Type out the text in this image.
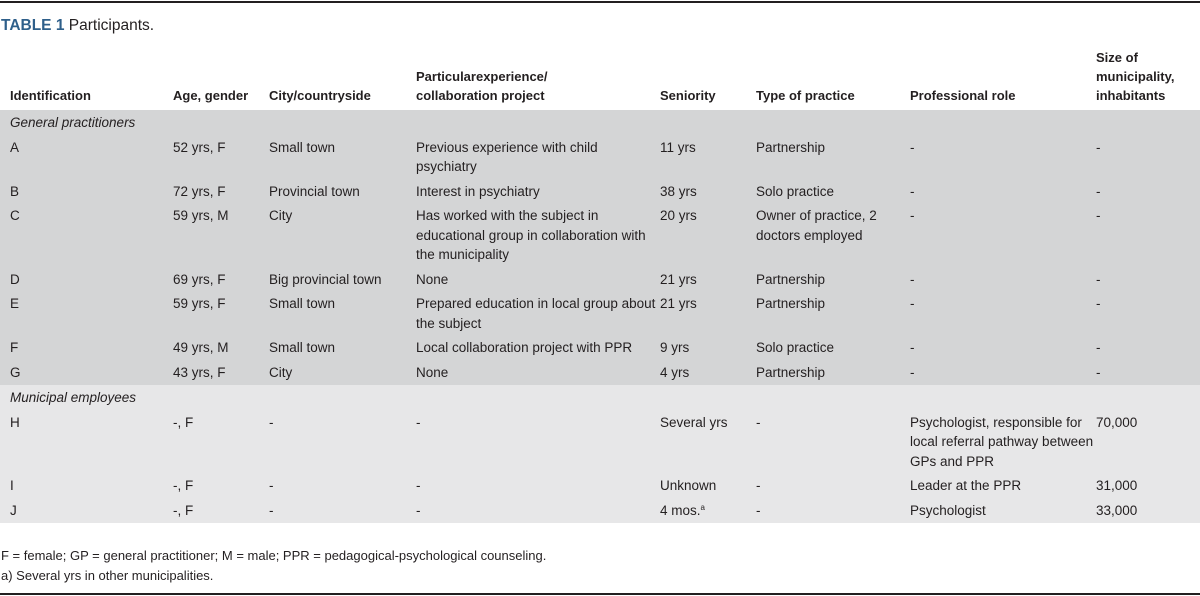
TABLE 1 Participants.
Identification	Age, gender	City/countryside	Particularexperience/
collaboration project	Seniority	Type of practice	Professional role	Size of
municipality,
inhabitants
General practitioners							
A	52 yrs, F	Small town	Previous experience with child psychiatry	11 yrs	Partnership	-	-
B	72 yrs, F	Provincial town	Interest in psychiatry	38 yrs	Solo practice	-	-
C	59 yrs, M	City	Has worked with the subject in educational group in collaboration with the municipality	20 yrs	Owner of practice, 2 doctors employed	-	-
D	69 yrs, F	Big provincial town	None	21 yrs	Partnership	-	-
E	59 yrs, F	Small town	Prepared education in local group about the subject	21 yrs	Partnership	-	-
F	49 yrs, M	Small town	Local collaboration project with PPR	9 yrs	Solo practice	-	-
G	43 yrs, F	City	None	4 yrs	Partnership	-	-
Municipal employees							
H	-, F	-	-	Several yrs	-	Psychologist, responsible for local referral pathway between GPs and PPR	70,000
I	-, F	-	-	Unknown	-	Leader at the PPR	31,000
J	-, F	-	-	4 mos.$^a$	-	Psychologist	33,000
F = female; GP = general practitioner; M = male; PPR = pedagogical-psychological counseling.
a) Several yrs in other municipalities.
